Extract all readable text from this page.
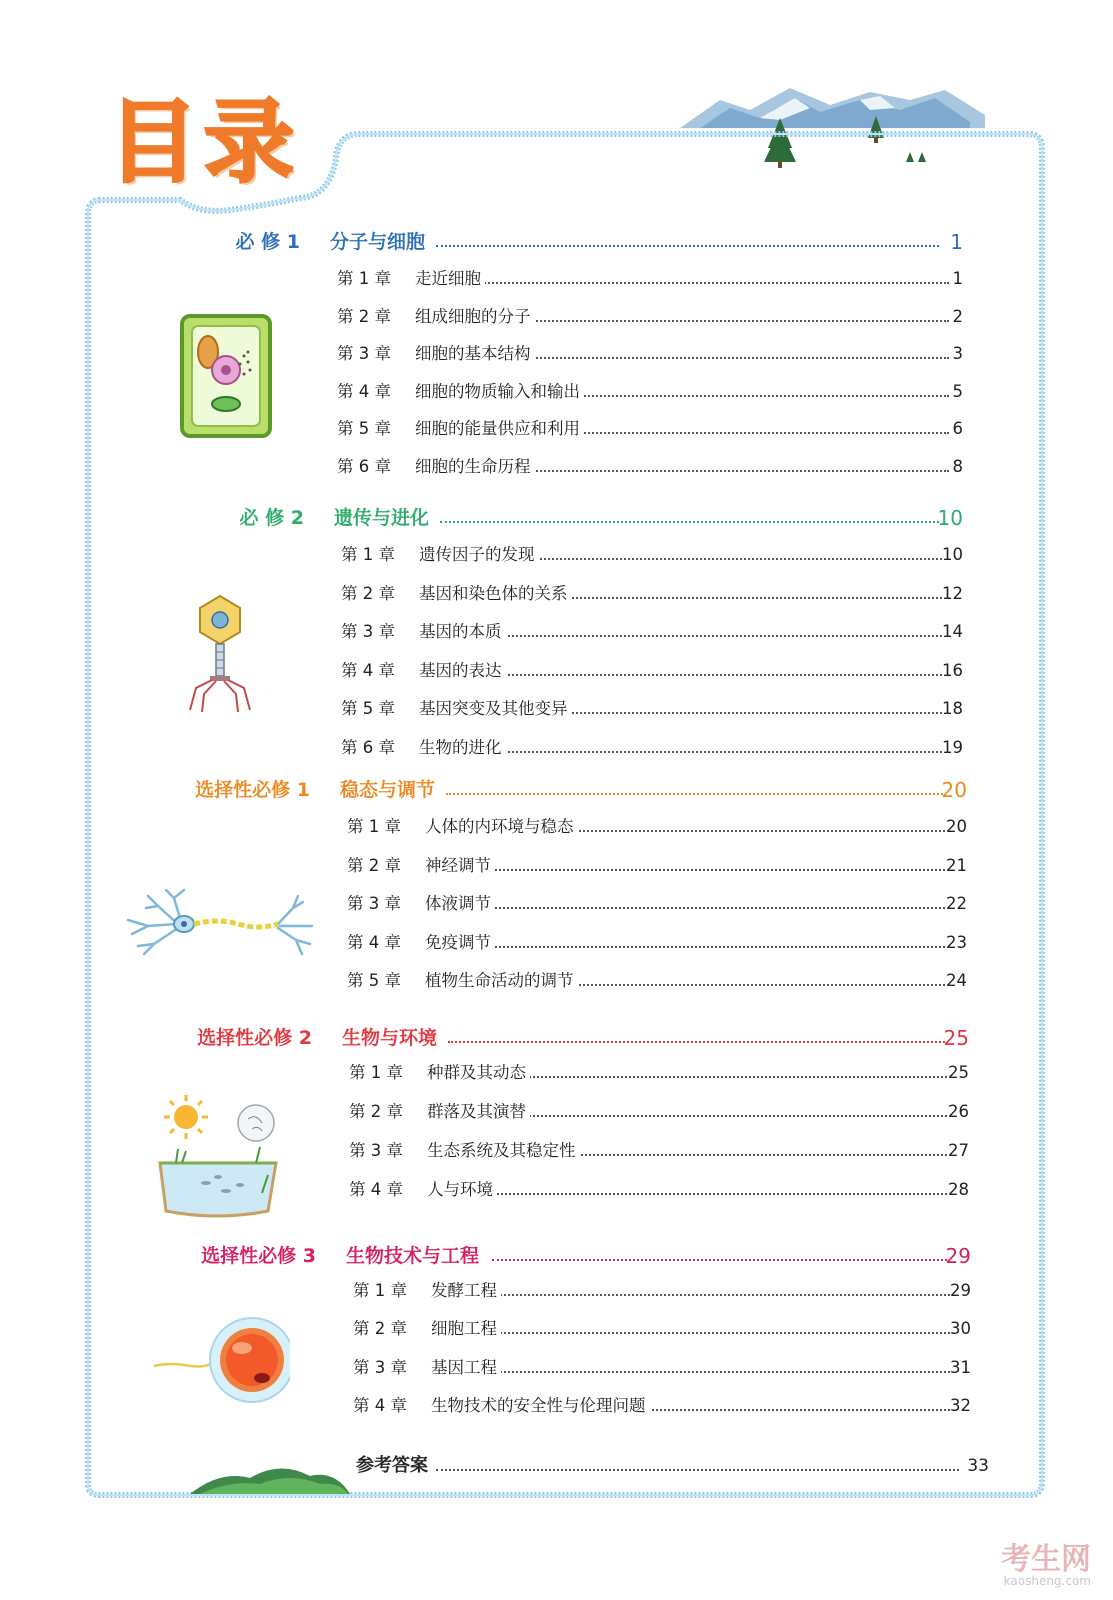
目录
必 修 1 分子与细胞	1
第 1 章	走近细胞	1
第 2 章	组成细胞的分子	2
第 3 章	细胞的基本结构	3
第 4 章	细胞的物质输入和输出	5
第 5 章	细胞的能量供应和利用	6
第 6 章	细胞的生命历程	8
必 修 2 遗传与进化	10
第 1 章	遗传因子的发现	10
第 2 章	基因和染色体的关系	12
第 3 章	基因的本质	14
第 4 章	基因的表达	16
第 5 章	基因突变及其他变异	18
第 6 章	生物的进化	19
选择性必修 1 稳态与调节	20
第 1 章	人体的内环境与稳态	20
第 2 章	神经调节	21
第 3 章	体液调节	22
第 4 章	免疫调节	23
第 5 章	植物生命活动的调节	24
选择性必修 2 生物与环境	25
第 1 章	种群及其动态	25
第 2 章	群落及其演替	26
第 3 章	生态系统及其稳定性	27
第 4 章	人与环境	28
选择性必修 3 生物技术与工程	29
第 1 章	发酵工程	29
第 2 章	细胞工程	30
第 3 章	基因工程	31
第 4 章	生物技术的安全性与伦理问题	32
参考答案	33
考生网
kaosheng.com
